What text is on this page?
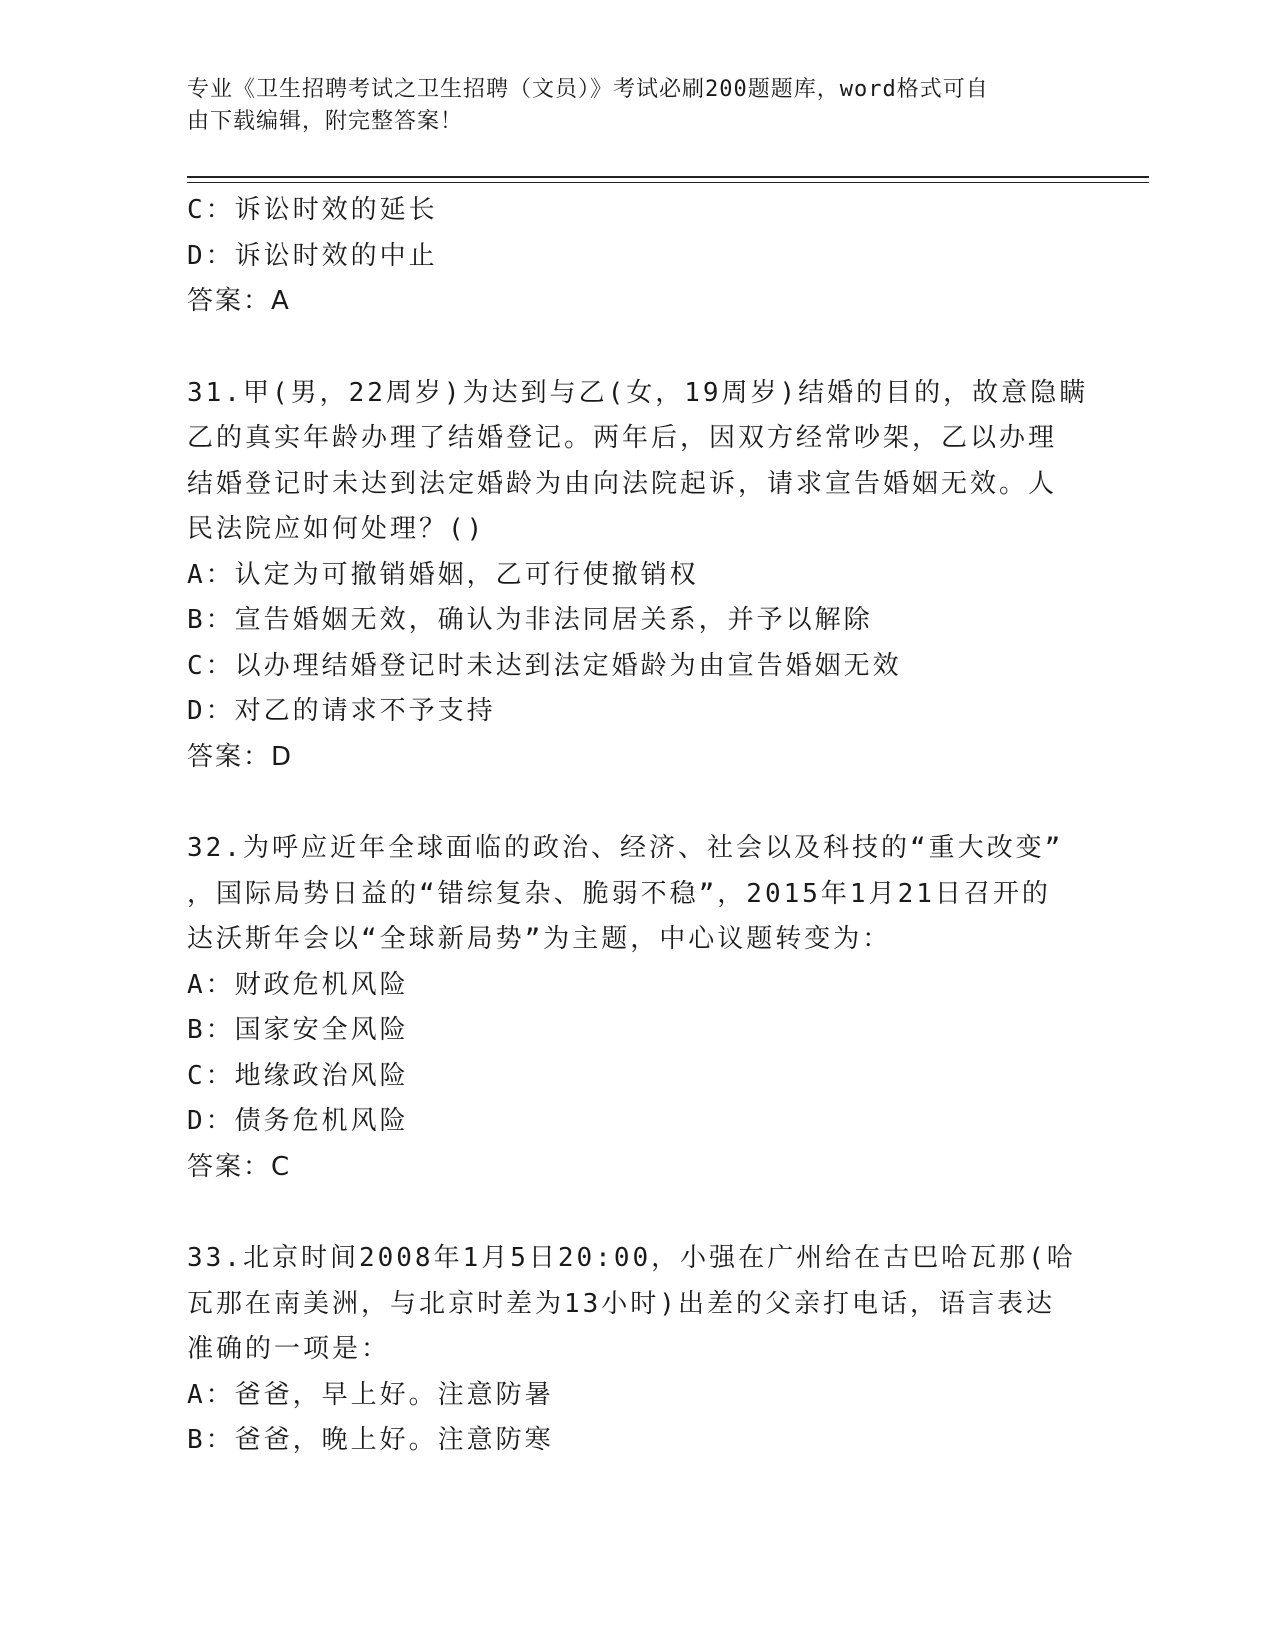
专业《卫生招聘考试之卫生招聘（文员）》考试必刷200题题库，word格式可自
由下载编辑，附完整答案！
C：诉讼时效的延长
D：诉讼时效的中止
答案：A
31.甲(男，22周岁)为达到与乙(女，19周岁)结婚的目的，故意隐瞒
乙的真实年龄办理了结婚登记。两年后，因双方经常吵架，乙以办理
结婚登记时未达到法定婚龄为由向法院起诉，请求宣告婚姻无效。人
民法院应如何处理？()
A：认定为可撤销婚姻，乙可行使撤销权
B：宣告婚姻无效，确认为非法同居关系，并予以解除
C：以办理结婚登记时未达到法定婚龄为由宣告婚姻无效
D：对乙的请求不予支持
答案：D
32.为呼应近年全球面临的政治、经济、社会以及科技的“重大改变”
，国际局势日益的“错综复杂、脆弱不稳”，2015年1月21日召开的
达沃斯年会以“全球新局势”为主题，中心议题转变为：
A：财政危机风险
B：国家安全风险
C：地缘政治风险
D：债务危机风险
答案：C
33.北京时间2008年1月5日20:00，小强在广州给在古巴哈瓦那(哈
瓦那在南美洲，与北京时差为13小时)出差的父亲打电话，语言表达
准确的一项是：
A：爸爸，早上好。注意防暑
B：爸爸，晚上好。注意防寒
